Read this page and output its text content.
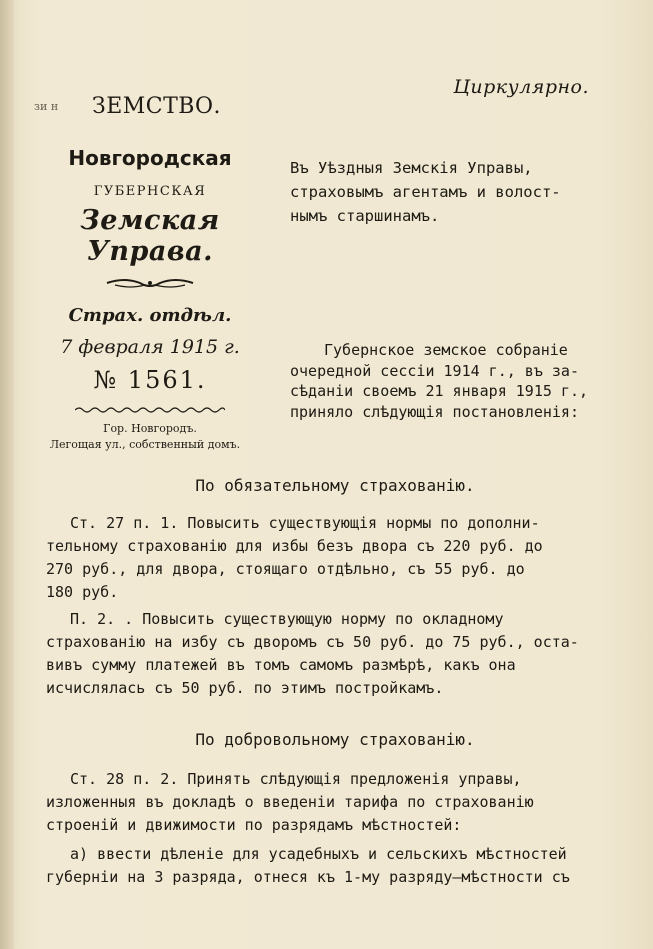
Циркулярно.
зи н ЗЕМСТВО.
Новгородская
ГУБЕРНСКАЯ
Земская Управа.
Страх. отдѣл.
7 февраля 1915 г.
№ 1561.
Гор. Новгородъ.
Легощая ул., собственный домъ.
Въ Уѣздныя Земскія Управы,
страховымъ агентамъ и волост-
нымъ старшинамъ.
Губернское земское собраніе
очередной сессіи 1914 г., въ за-
сѣданіи своемъ 21 января 1915 г.,
приняло слѣдующія постановленія:
По обязательному страхованію.
Ст. 27 п. 1. Повысить существующія нормы по дополни-
тельному страхованію для избы безъ двора съ 220 руб. до
270 руб., для двора, стоящаго отдѣльно, съ 55 руб. до
180 руб.
П. 2. . Повысить существующую норму по окладному
страхованію на избу съ дворомъ съ 50 руб. до 75 руб., оста-
вивъ сумму платежей въ томъ самомъ размѣрѣ, какъ она
исчислялась съ 50 руб. по этимъ постройкамъ.
По добровольному страхованію.
Ст. 28 п. 2. Принять слѣдующія предложенія управы,
изложенныя въ докладѣ о введеніи тарифа по страхованію
строеній и движимости по разрядамъ мѣстностей:
а) ввести дѣленіе для усадебныхъ и сельскихъ мѣстностей
губерніи на 3 разряда, отнеся къ 1-му разряду—мѣстности съ
